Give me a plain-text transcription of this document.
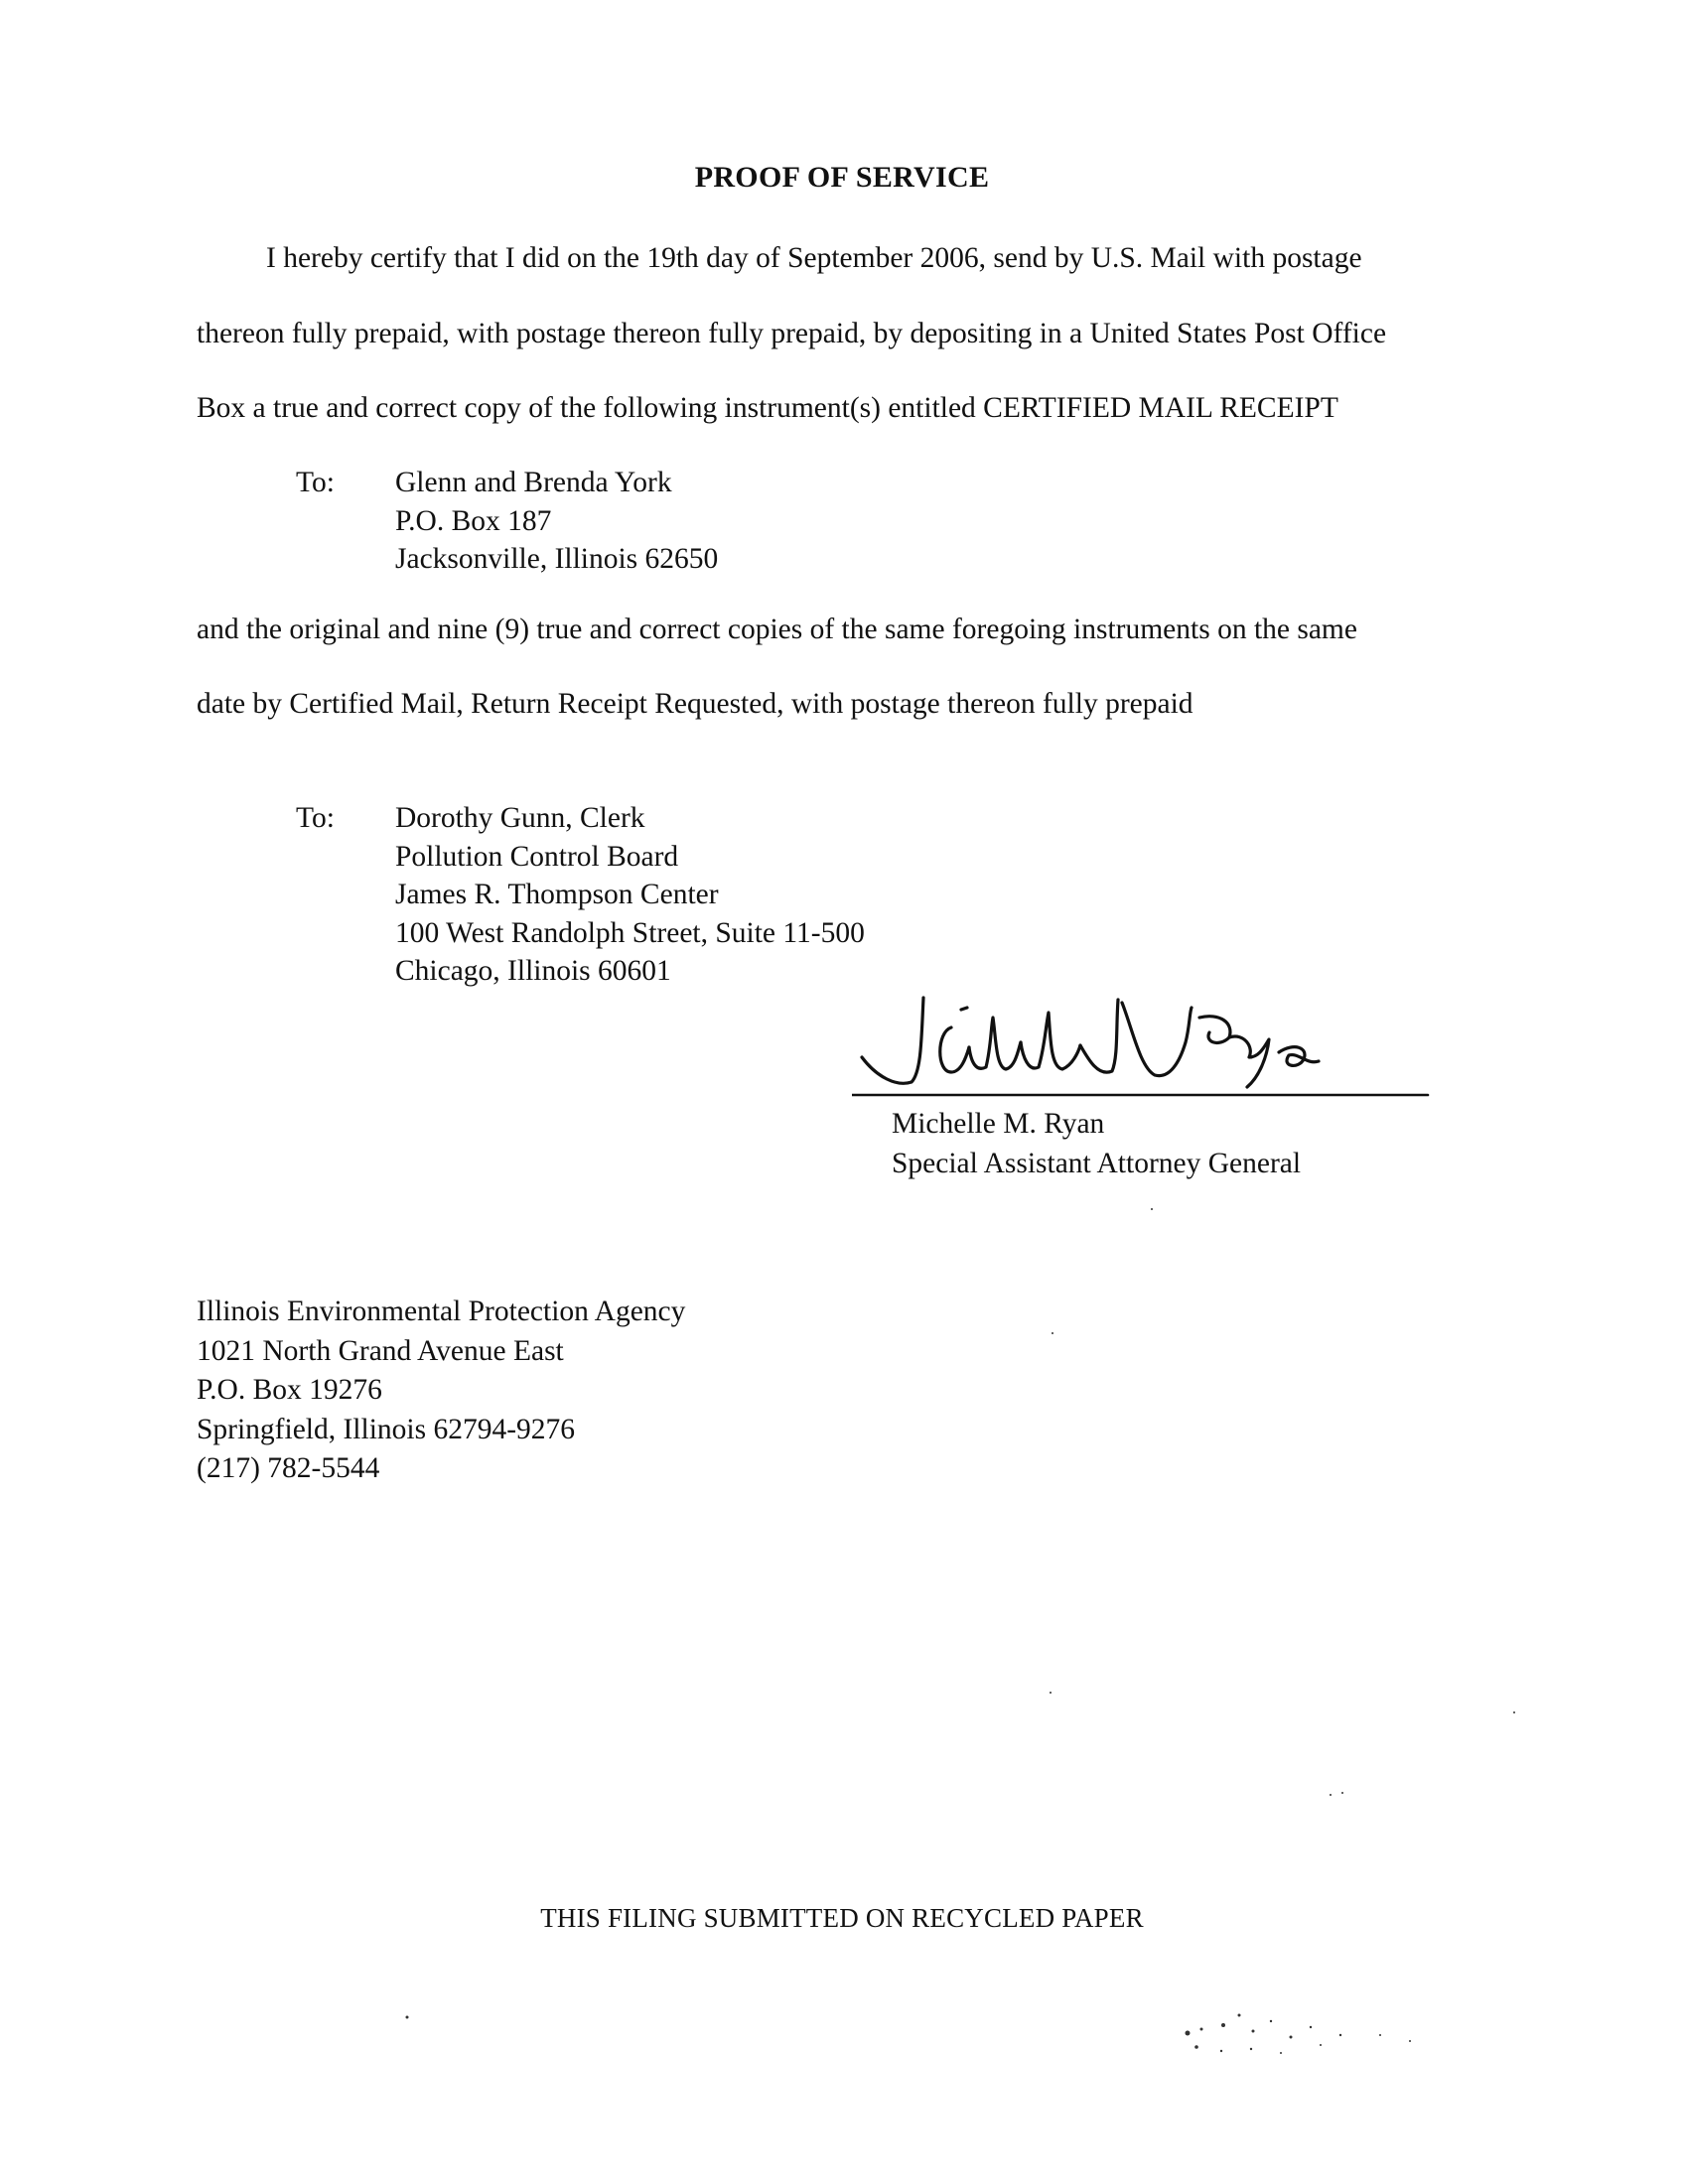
PROOF OF SERVICE
I hereby certify that I did on the 19th day of September 2006, send by U.S. Mail with postage
thereon fully prepaid, with postage thereon fully prepaid, by depositing in a United States Post Office
Box a true and correct copy of the following instrument(s) entitled CERTIFIED MAIL RECEIPT
To: Glenn and Brenda York
P.O. Box 187
Jacksonville, Illinois 62650
and the original and nine (9) true and correct copies of the same foregoing instruments on the same
date by Certified Mail, Return Receipt Requested, with postage thereon fully prepaid
To: Dorothy Gunn, Clerk
Pollution Control Board
James R. Thompson Center
100 West Randolph Street, Suite 11-500
Chicago, Illinois 60601
Michelle M. Ryan
Special Assistant Attorney General
Illinois Environmental Protection Agency
1021 North Grand Avenue East
P.O. Box 19276
Springfield, Illinois 62794-9276
(217) 782-5544
THIS FILING SUBMITTED ON RECYCLED PAPER
